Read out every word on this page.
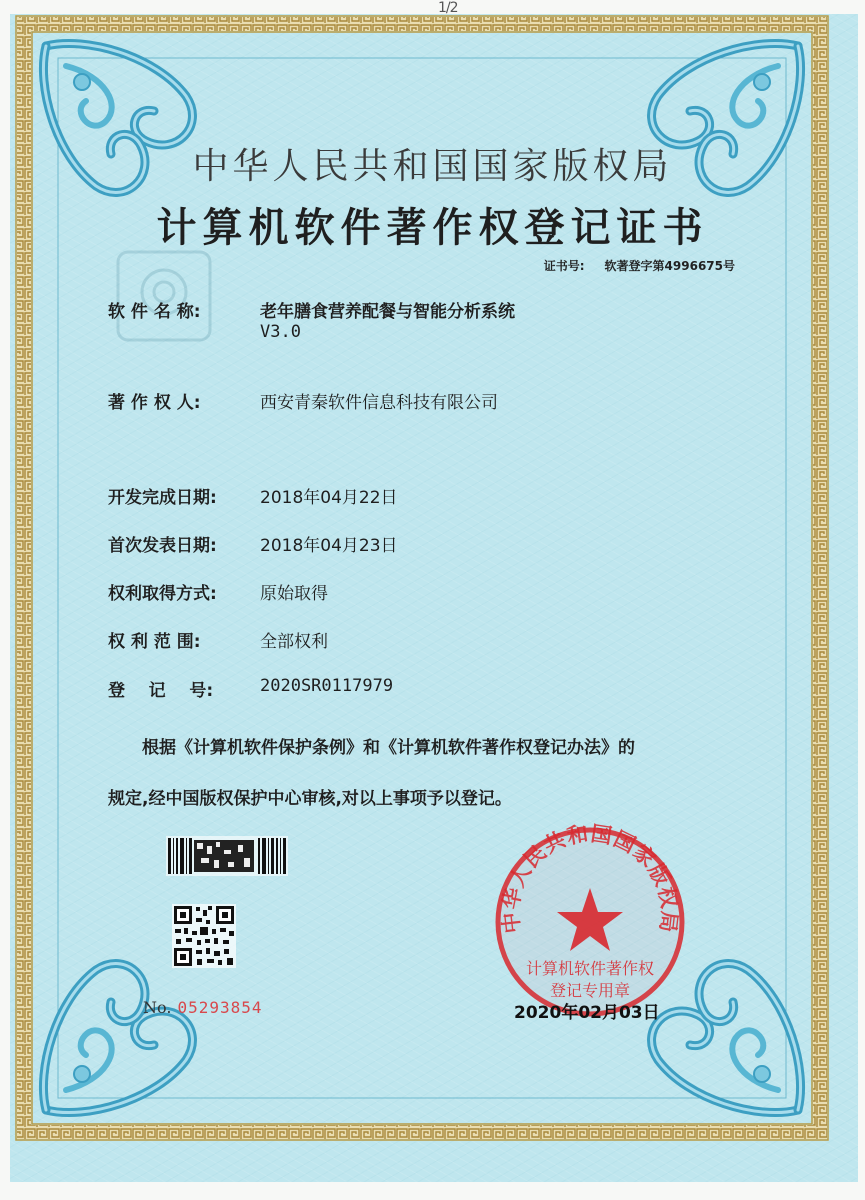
1/2
中华人民共和国国家版权局
计算机软件著作权登记证书
证书号: 软著登字第4996675号
软 件 名 称:	老年膳食营养配餐与智能分析系统
V3.0
著 作 权 人:	西安青秦软件信息科技有限公司
开发完成日期:	2018年04月22日
首次发表日期:	2018年04月23日
权利取得方式:	原始取得
权 利 范 围:	全部权利
登    记    号:	2020SR0117979
根据《计算机软件保护条例》和《计算机软件著作权登记办法》的
规定,经中国版权保护中心审核,对以上事项予以登记。
No. 05293854
中华人民共和国国家版权局
计算机软件著作权
登记专用章
2020年02月03日
